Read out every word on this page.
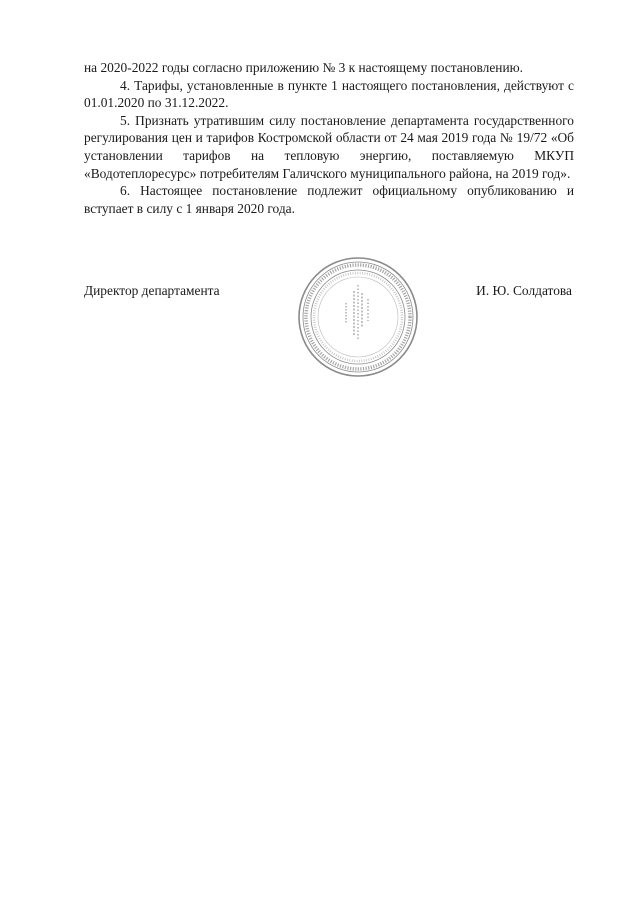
на 2020-2022 годы согласно приложению № 3 к настоящему постановлению.

4. Тарифы, установленные в пункте 1 настоящего постановления, действуют с 01.01.2020 по 31.12.2022.

5. Признать утратившим силу постановление департамента государственного регулирования цен и тарифов Костромской области от 24 мая 2019 года № 19/72 «Об установлении тарифов на тепловую энергию, поставляемую МКУП «Водотеплоресурс» потребителям Галичского муниципального района, на 2019 год».

6. Настоящее постановление подлежит официальному опубликованию и вступает в силу с 1 января 2020 года.

Директор департамента	И. Ю. Солдатова
